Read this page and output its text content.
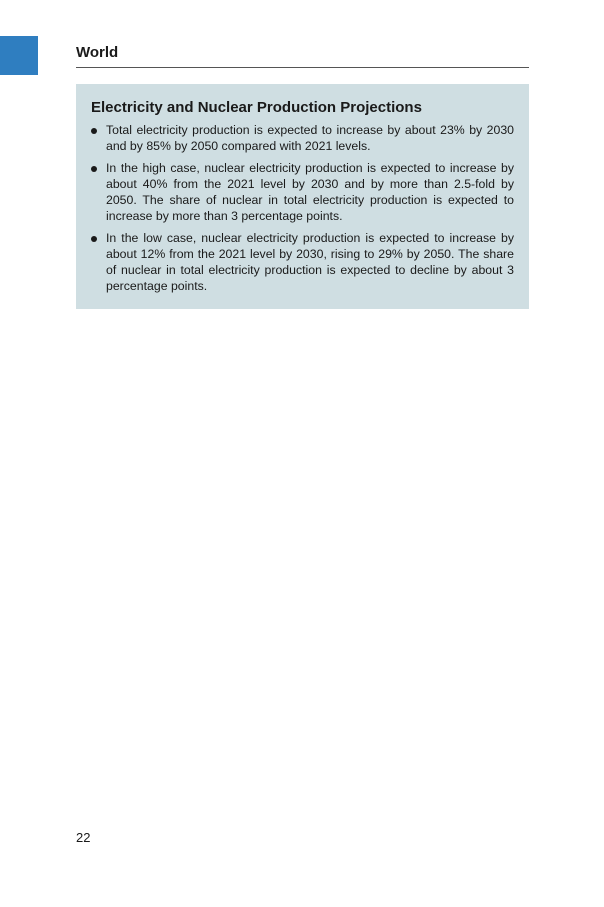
World
Electricity and Nuclear Production Projections
Total electricity production is expected to increase by about 23% by 2030 and by 85% by 2050 compared with 2021 levels.
In the high case, nuclear electricity production is expected to increase by about 40% from the 2021 level by 2030 and by more than 2.5-fold by 2050. The share of nuclear in total electricity production is expected to increase by more than 3 percentage points.
In the low case, nuclear electricity production is expected to increase by about 12% from the 2021 level by 2030, rising to 29% by 2050. The share of nuclear in total electricity production is expected to decline by about 3 percentage points.
22
